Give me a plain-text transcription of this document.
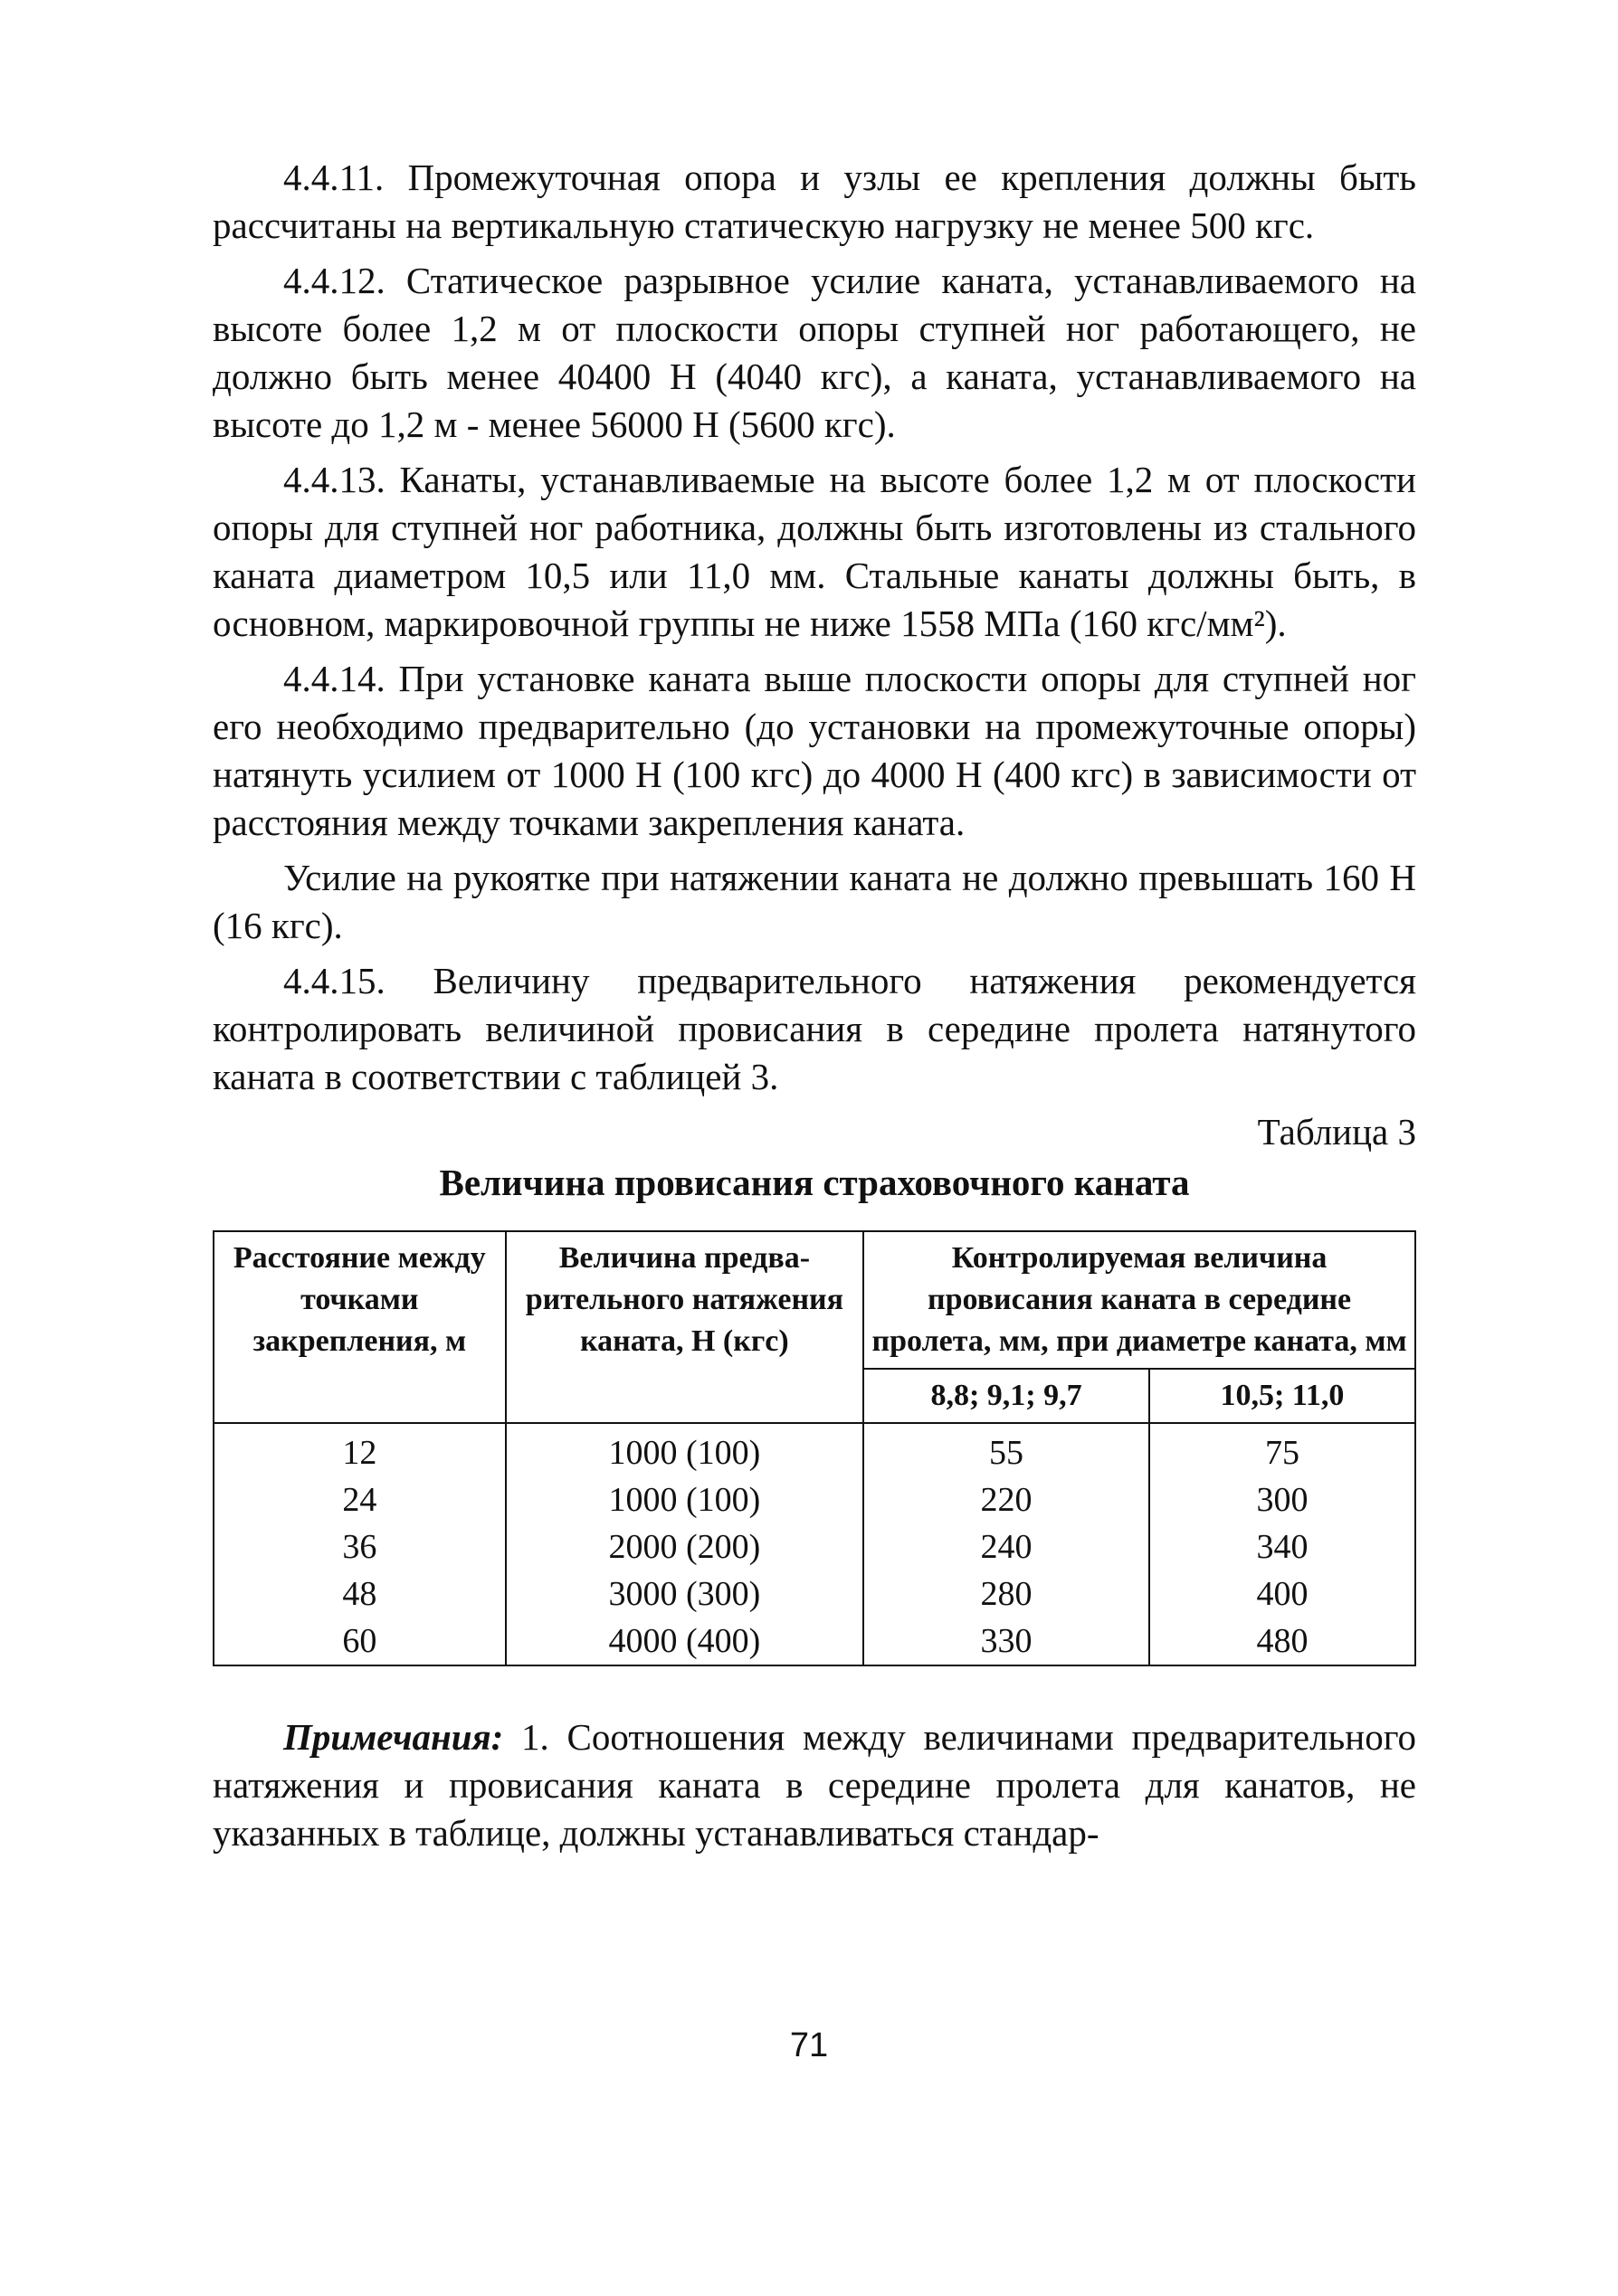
4.4.11. Промежуточная опора и узлы ее крепления должны быть рассчитаны на вертикальную статическую нагрузку не менее 500 кгс.

4.4.12. Статическое разрывное усилие каната, устанавливаемого на высоте более 1,2 м от плоскости опоры ступней ног работающего, не должно быть менее 40400 Н (4040 кгс), а каната, устанавливаемого на высоте до 1,2 м - менее 56000 Н (5600 кгс).

4.4.13. Канаты, устанавливаемые на высоте более 1,2 м от плоскости опоры для ступней ног работника, должны быть изготовлены из стального каната диаметром 10,5 или 11,0 мм. Стальные канаты должны быть, в основном, маркировочной группы не ниже 1558 МПа (160 кгс/мм²).

4.4.14. При установке каната выше плоскости опоры для ступней ног его необходимо предварительно (до установки на промежуточные опоры) натянуть усилием от 1000 Н (100 кгс) до 4000 Н (400 кгс) в зависимости от расстояния между точками закрепления каната.

Усилие на рукоятке при натяжении каната не должно превышать 160 Н (16 кгс).

4.4.15. Величину предварительного натяжения рекомендуется контролировать величиной провисания в середине пролета натянутого каната в соответствии с таблицей 3.

Таблица 3
Величина провисания страховочного каната
Расстояние между точками закрепления, м	Величина предварительного натяжения каната, Н (кгс)	Контролируемая величина провисания каната в середине пролета, мм, при диаметре каната, мм	
		8,8; 9,1; 9,7	10,5; 11,0
12	1000 (100)	55	75
24	1000 (100)	220	300
36	2000 (200)	240	340
48	3000 (300)	280	400
60	4000 (400)	330	480

Примечания: 1. Соотношения между величинами предварительного натяжения и провисания каната в середине пролета для канатов, не указанных в таблице, должны устанавливаться стандар-

71
